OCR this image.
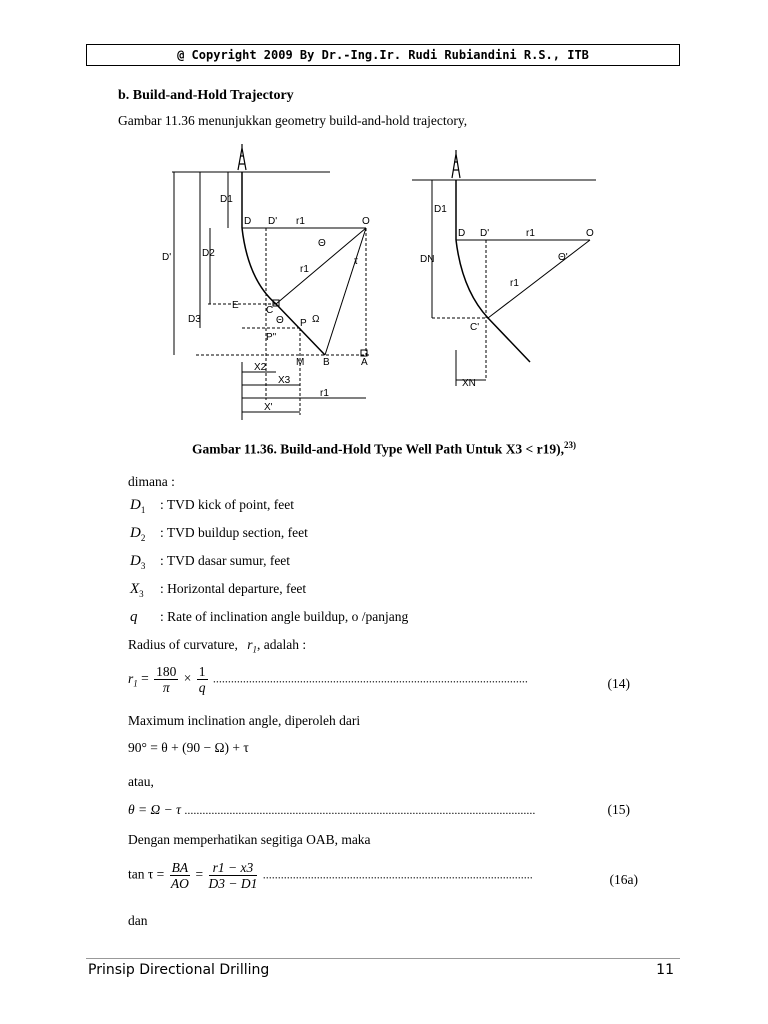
@ Copyright 2009 By Dr.-Ing.Ir. Rudi Rubiandini R.S., ITB
b. Build-and-Hold Trajectory
Gambar 11.36 menunjukkan geometry build-and-hold trajectory,
D1
D2
D'
D3
D D' r1	O
Θ
τ
r1
E	C
Θ P Ω
P"
M B	A
X2
X3
r1
X'
D1
D D'	r1	O
DN	Θ'
r1
C'
XN
Gambar 11.36. Build-and-Hold Type Well Path Untuk X3 < r19),$^{23)}$
dimana :
$D_1$ : TVD kick of point, feet
$D_2$ : TVD buildup section, feet
$D_3$ : TVD dasar sumur, feet
$X_3$ : Horizontal departure, feet
q : Rate of inclination angle buildup, o /panjang
Radius of curvature, $r_1$, adalah :
$r_1 = \frac{180}{\pi} \times \frac{1}{q}$ .........................................................................................................	(14)
Maximum inclination angle, diperoleh dari
90° = θ + (90 − Ω) + τ
atau,
θ = Ω − τ .....................................................................................................................	(15)
Dengan memperhatikan segitiga OAB, maka
$\tan \tau = \frac{BA}{AO} = \frac{r1 - x3}{D3 - D1}$ ..........................................................................................	(16a)
dan
Prinsip Directional Drilling	11
